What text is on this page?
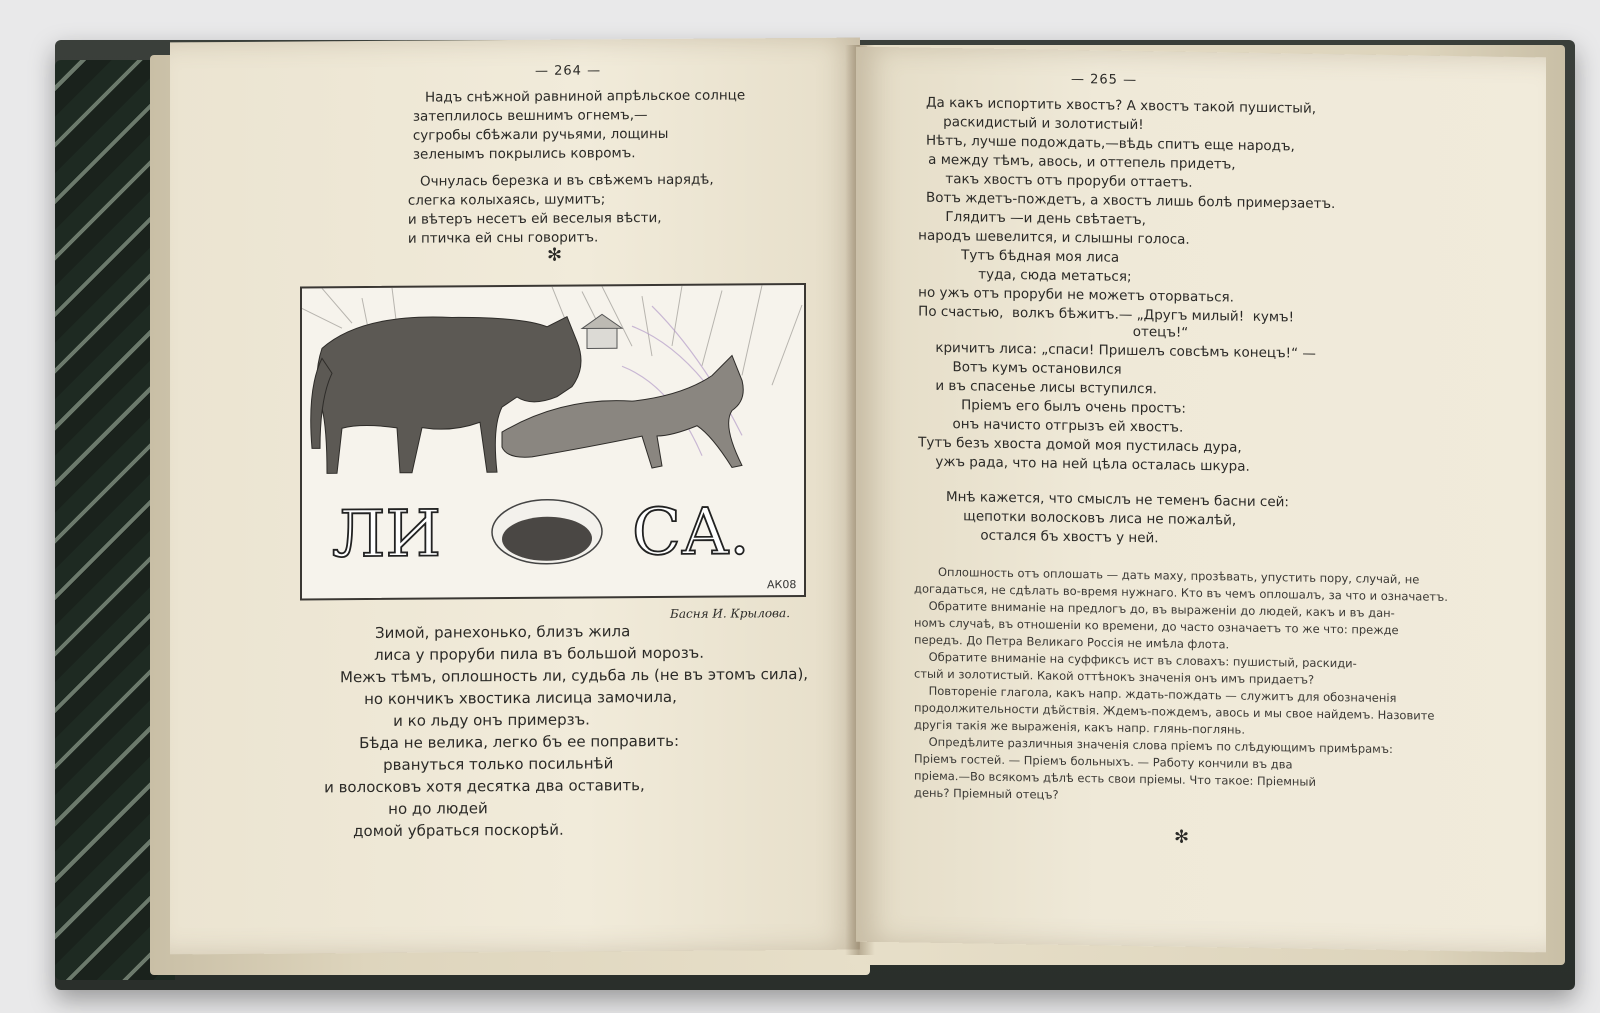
— 264 —
Надъ снѣжной равниной апрѣльское солнце
затеплилось вешнимъ огнемъ,—
сугробы сбѣжали ручьями, лощины
зеленымъ покрылись ковромъ.
Очнулась березка и въ свѣжемъ нарядѣ,
слегка колыхаясь, шумитъ;
и вѣтеръ несетъ ей веселыя вѣсти,
и птичка ей сны говоритъ.
✻
ЛИ	СА.
АК08
Басня И. Крылова.
Зимой, ранехонько, близъ жила
лиса у проруби пила въ большой морозъ.
Межъ тѣмъ, оплошность ли, судьба ль (не въ этомъ сила),
но кончикъ хвостика лисица замочила,
и ко льду онъ примерзъ.
Бѣда не велика, легко бъ ее поправить:
рвануться только посильнѣй
и волосковъ хотя десятка два оставить,
но до людей
домой убраться поскорѣй.
— 265 —
Да какъ испортить хвостъ? А хвостъ такой пушистый,
раскидистый и золотистый!
Нѣтъ, лучше подождать,—вѣдь спитъ еще народъ,
а между тѣмъ, авось, и оттепель придетъ,
такъ хвостъ отъ проруби оттаетъ.
Вотъ ждетъ-пождетъ, а хвостъ лишь болѣ примерзаетъ.
Глядитъ —и день свѣтаетъ,
народъ шевелится, и слышны голоса.
Тутъ бѣдная моя лиса
туда, сюда метаться;
но ужъ отъ проруби не можетъ оторваться.
По счастью,  волкъ бѣжитъ.— „Другъ милый!  кумъ!
отецъ!“
кричитъ лиса: „спаси! Пришелъ совсѣмъ конецъ!“ —
Вотъ кумъ остановился
и въ спасенье лисы вступился.
Пріемъ его былъ очень простъ:
онъ начисто отгрызъ ей хвостъ.
Тутъ безъ хвоста домой моя пустилась дура,
ужъ рада, что на ней цѣла осталась шкура.
Мнѣ кажется, что смыслъ не теменъ басни сей:
щепотки волосковъ лиса не пожалѣй,
остался бъ хвостъ у ней.
Оплошность отъ оплошать — дать маху, прозѣвать, упустить пору, случай, не
догадаться, не сдѣлать во-время нужнаго. Кто въ чемъ оплошалъ, за что и означаетъ.
Обратите вниманіе на предлогъ до, въ выраженіи до людей, какъ и въ дан-
номъ случаѣ, въ отношеніи ко времени, до часто означаетъ то же что: прежде
передъ. До Петра Великаго Россія не имѣла флота.
Обратите вниманіе на суффиксъ ист въ словахъ: пушистый, раскиди-
стый и золотистый. Какой оттѣнокъ значенія онъ имъ придаетъ?
Повтореніе глагола, какъ напр. ждать-пождать — служитъ для обозначенія
продолжительности дѣйствія. Ждемъ-пождемъ, авось и мы свое найдемъ. Назовите
другія такія же выраженія, какъ напр. глянь-поглянь.
Опредѣлите различныя значенія слова пріемъ по слѣдующимъ примѣрамъ:
Пріемъ гостей. — Пріемъ больныхъ. — Работу кончили въ два
пріема.—Во всякомъ дѣлѣ есть свои пріемы. Что такое: Пріемный
день? Пріемный отецъ?
✻
